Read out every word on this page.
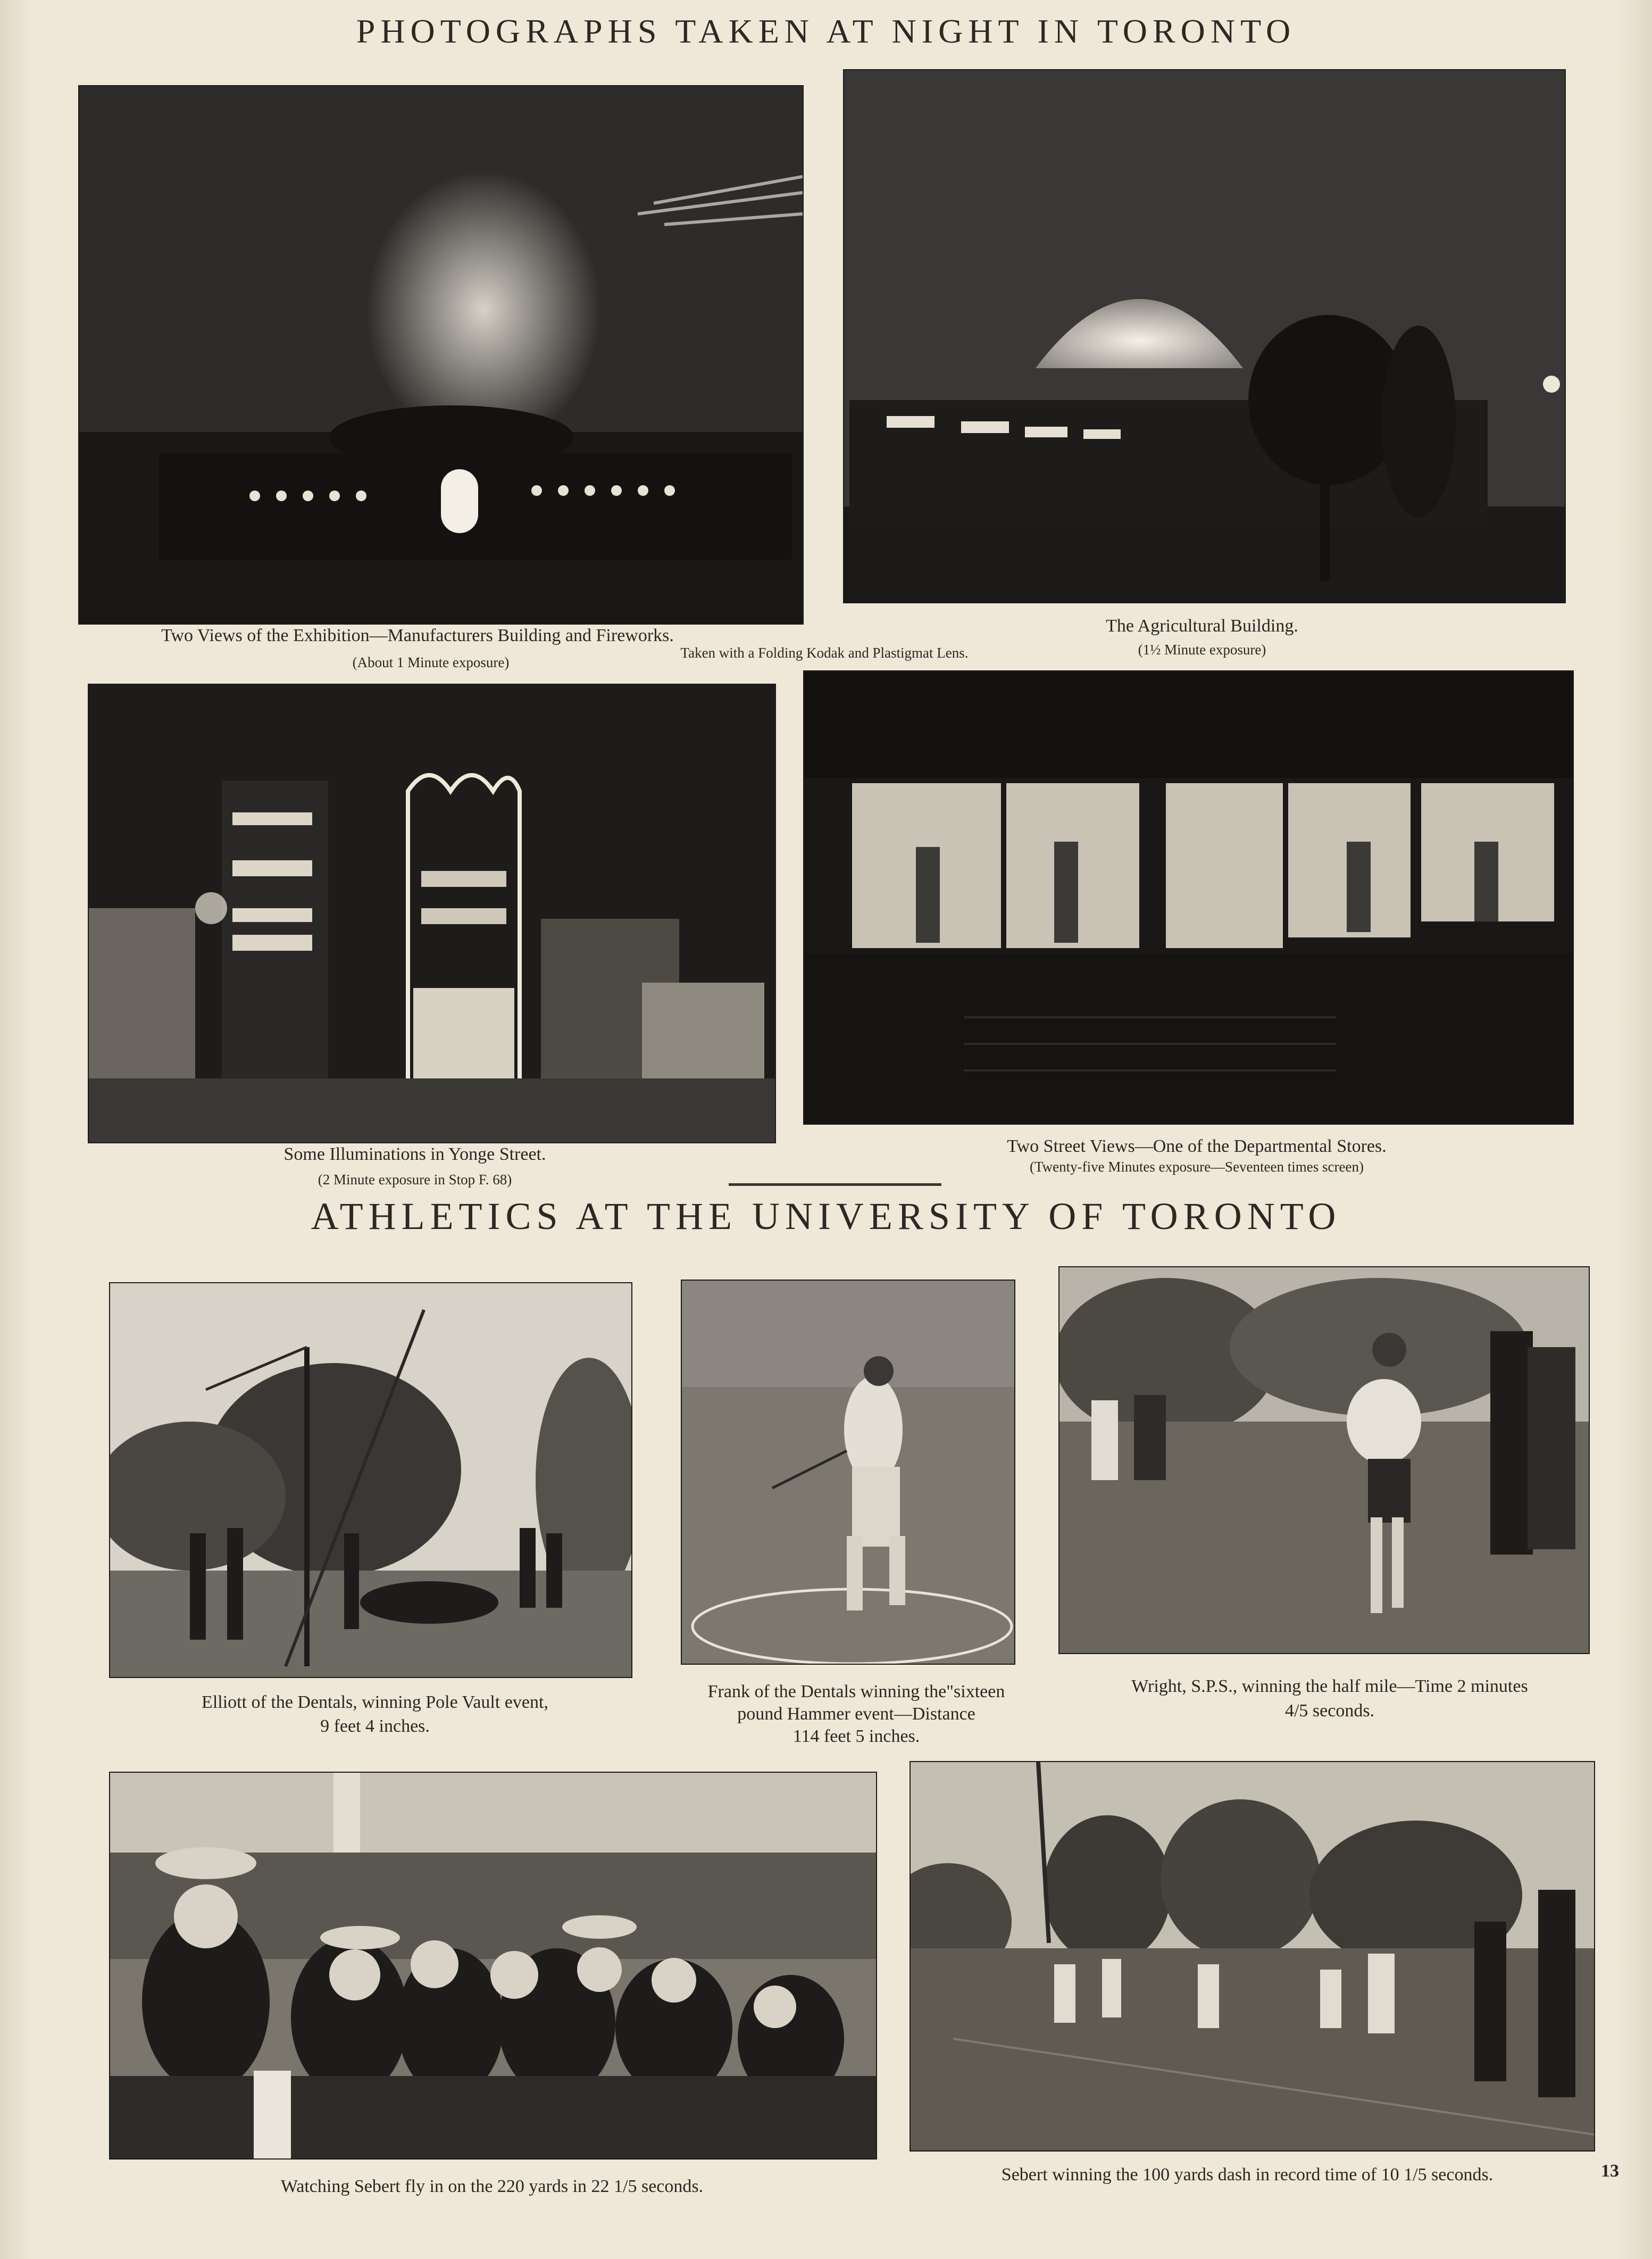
PHOTOGRAPHS TAKEN AT NIGHT IN TORONTO
Two Views of the Exhibition—Manufacturers Building and Fireworks.
(About 1 Minute exposure)
Taken with a Folding Kodak and Plastigmat Lens.
The Agricultural Building.
(1½ Minute exposure)
Some Illuminations in Yonge Street.
(2 Minute exposure in Stop F. 68)
Two Street Views—One of the Departmental Stores.
(Twenty-five Minutes exposure—Seventeen times screen)
ATHLETICS AT THE UNIVERSITY OF TORONTO
Elliott of the Dentals, winning Pole Vault event,
9 feet 4 inches.
Frank of the Dentals winning the"sixteen
pound Hammer event—Distance
114 feet 5 inches.
Wright, S.P.S., winning the half mile—Time 2 minutes
4/5 seconds.
Watching Sebert fly in on the 220 yards in 22 1/5 seconds.
Sebert winning the 100 yards dash in record time of 10 1/5 seconds.	13
